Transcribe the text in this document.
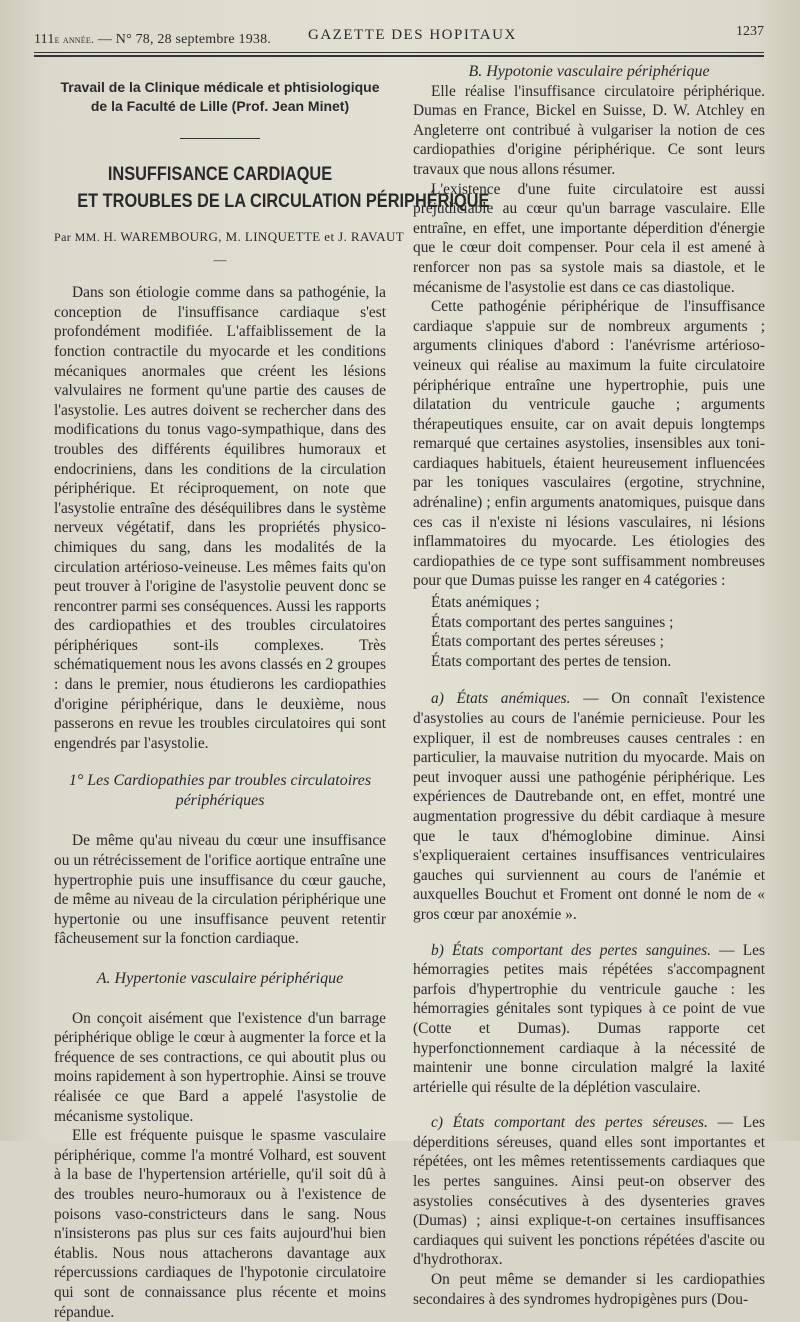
111e année. — N° 78, 28 septembre 1938. GAZETTE DES HOPITAUX	1237
Travail de la Clinique médicale et phtisiologique
de la Faculté de Lille (Prof. Jean Minet)
INSUFFISANCE CARDIAQUE
ET TROUBLES DE LA CIRCULATION PÉRIPHÉRIQUE
Par MM. H. WAREMBOURG, M. LINQUETTE et J. RAVAUT
—

Dans son étiologie comme dans sa pathogénie, la conception de l'insuffisance cardiaque s'est profondément modifiée. L'affaiblissement de la fonction contractile du myocarde et les conditions mécaniques anormales que créent les lésions valvulaires ne forment qu'une partie des causes de l'asystolie. Les autres doivent se rechercher dans des modifications du tonus vago-sympathique, dans des troubles des différents équilibres humoraux et endocriniens, dans les conditions de la circulation périphérique. Et réciproquement, on note que l'asystolie entraîne des déséquilibres dans le système nerveux végétatif, dans les propriétés physico-chimiques du sang, dans les modalités de la circulation artérioso-veineuse. Les mêmes faits qu'on peut trouver à l'origine de l'asystolie peuvent donc se rencontrer parmi ses conséquences. Aussi les rapports des cardiopathies et des troubles circulatoires périphériques sont-ils complexes. Très schématiquement nous les avons classés en 2 groupes : dans le premier, nous étudierons les cardiopathies d'origine périphérique, dans le deuxième, nous passerons en revue les troubles circulatoires qui sont engendrés par l'asystolie.

1° Les Cardiopathies par troubles circulatoires
périphériques

De même qu'au niveau du cœur une insuffisance ou un rétrécissement de l'orifice aortique entraîne une hypertrophie puis une insuffisance du cœur gauche, de même au niveau de la circulation périphérique une hypertonie ou une insuffisance peuvent retentir fâcheusement sur la fonction cardiaque.

A. Hypertonie vasculaire périphérique

On conçoit aisément que l'existence d'un barrage périphérique oblige le cœur à augmenter la force et la fréquence de ses contractions, ce qui aboutit plus ou moins rapidement à son hypertrophie. Ainsi se trouve réalisée ce que Bard a appelé l'asystolie de mécanisme systolique.

Elle est fréquente puisque le spasme vasculaire périphérique, comme l'a montré Volhard, est souvent à la base de l'hypertension artérielle, qu'il soit dû à des troubles neuro-humoraux ou à l'existence de poisons vaso-constricteurs dans le sang. Nous n'insisterons pas plus sur ces faits aujourd'hui bien établis. Nous nous attacherons davantage aux répercussions cardiaques de l'hypotonie circulatoire qui sont de connaissance plus récente et moins répandue.

B. Hypotonie vasculaire périphérique

Elle réalise l'insuffisance circulatoire périphérique. Dumas en France, Bickel en Suisse, D. W. Atchley en Angleterre ont contribué à vulgariser la notion de ces cardiopathies d'origine périphérique. Ce sont leurs travaux que nous allons résumer.

L'existence d'une fuite circulatoire est aussi préjudiciable au cœur qu'un barrage vasculaire. Elle entraîne, en effet, une importante déperdition d'énergie que le cœur doit compenser. Pour cela il est amené à renforcer non pas sa systole mais sa diastole, et le mécanisme de l'asystolie est dans ce cas diastolique.

Cette pathogénie périphérique de l'insuffisance cardiaque s'appuie sur de nombreux arguments ; arguments cliniques d'abord : l'anévrisme artérioso-veineux qui réalise au maximum la fuite circulatoire périphérique entraîne une hypertrophie, puis une dilatation du ventricule gauche ; arguments thérapeutiques ensuite, car on avait depuis longtemps remarqué que certaines asystolies, insensibles aux toni-cardiaques habituels, étaient heureusement influencées par les toniques vasculaires (ergotine, strychnine, adrénaline) ; enfin arguments anatomiques, puisque dans ces cas il n'existe ni lésions vasculaires, ni lésions inflammatoires du myocarde. Les étiologies des cardiopathies de ce type sont suffisamment nombreuses pour que Dumas puisse les ranger en 4 catégories :

États anémiques ;
États comportant des pertes sanguines ;
États comportant des pertes séreuses ;
États comportant des pertes de tension.

a) États anémiques. — On connaît l'existence d'asystolies au cours de l'anémie pernicieuse. Pour les expliquer, il est de nombreuses causes centrales : en particulier, la mauvaise nutrition du myocarde. Mais on peut invoquer aussi une pathogénie périphérique. Les expériences de Dautrebande ont, en effet, montré une augmentation progressive du débit cardiaque à mesure que le taux d'hémoglobine diminue. Ainsi s'expliqueraient certaines insuffisances ventriculaires gauches qui surviennent au cours de l'anémie et auxquelles Bouchut et Froment ont donné le nom de « gros cœur par anoxémie ».

b) États comportant des pertes sanguines. — Les hémorragies petites mais répétées s'accompagnent parfois d'hypertrophie du ventricule gauche : les hémorragies génitales sont typiques à ce point de vue (Cotte et Dumas). Dumas rapporte cet hyperfonctionnement cardiaque à la nécessité de maintenir une bonne circulation malgré la laxité artérielle qui résulte de la déplétion vasculaire.

c) États comportant des pertes séreuses. — Les déperditions séreuses, quand elles sont importantes et répétées, ont les mêmes retentissements cardiaques que les pertes sanguines. Ainsi peut-on observer des asystolies consécutives à des dysenteries graves (Dumas) ; ainsi explique-t-on certaines insuffisances cardiaques qui suivent les ponctions répétées d'ascite ou d'hydrothorax.

On peut même se demander si les cardiopathies secondaires à des syndromes hydropigènes purs (Dou-
